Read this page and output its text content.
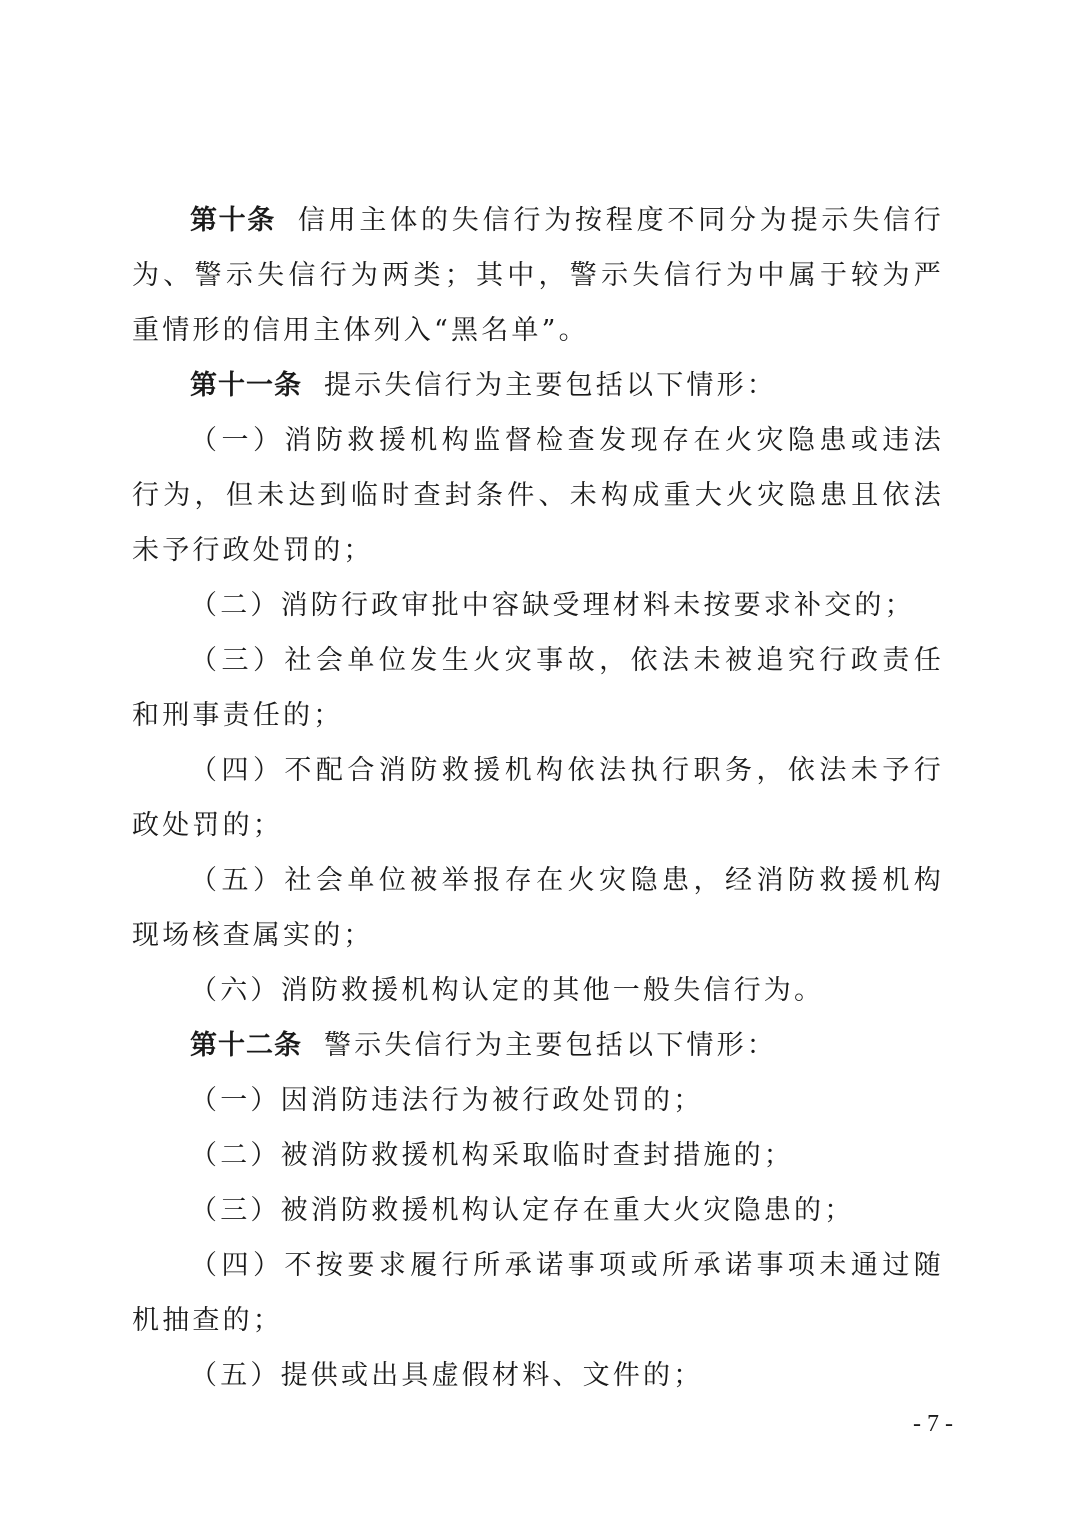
第十条 信用主体的失信行为按程度不同分为提示失信行为、警示失信行为两类；其中，警示失信行为中属于较为严重情形的信用主体列入“黑名单”。

第十一条 提示失信行为主要包括以下情形：

（一）消防救援机构监督检查发现存在火灾隐患或违法行为，但未达到临时查封条件、未构成重大火灾隐患且依法未予行政处罚的；

（二）消防行政审批中容缺受理材料未按要求补交的；

（三）社会单位发生火灾事故，依法未被追究行政责任和刑事责任的；

（四）不配合消防救援机构依法执行职务，依法未予行政处罚的；

（五）社会单位被举报存在火灾隐患，经消防救援机构现场核查属实的；

（六）消防救援机构认定的其他一般失信行为。

第十二条 警示失信行为主要包括以下情形：

（一）因消防违法行为被行政处罚的；

（二）被消防救援机构采取临时查封措施的；

（三）被消防救援机构认定存在重大火灾隐患的；

（四）不按要求履行所承诺事项或所承诺事项未通过随机抽查的；

（五）提供或出具虚假材料、文件的；

- 7 -
